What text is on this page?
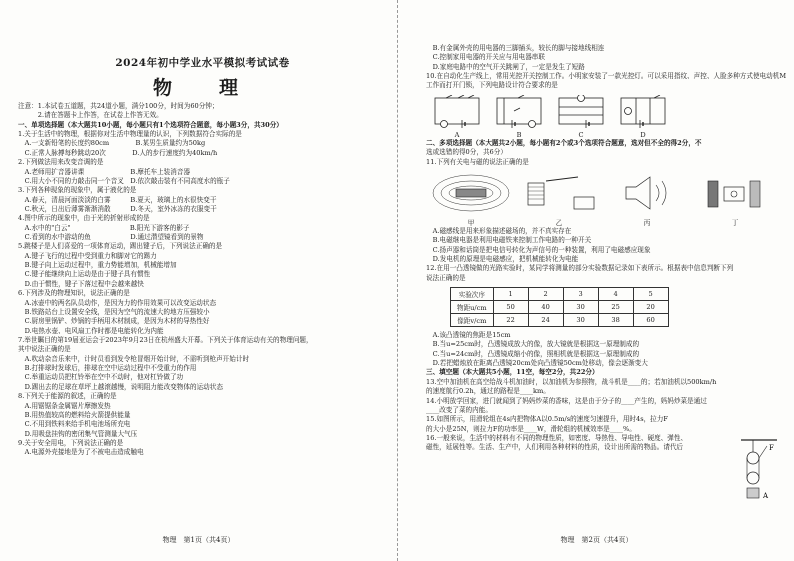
2024年初中学业水平模拟考试试卷
物　理
注意：1.本试卷五道题，共24道小题，满分100分，时间为60分钟；
　　　2.请在答题卡上作答，在试卷上作答无效。
一、单项选择题（本大题共10小题，每小题只有1个选项符合题意，每小题3分，共30分）
1.关于生活中的物理，根据你对生活中物理量的认识，下列数据符合实际的是
　A.一支新铅笔的长度约80cm　　　　B.某男生质量约为50kg
　C.正常人脉搏每秒跳动20次　　　　D.人的步行速度约为40km/h
2.下列做法用来改变音调的是
　A.老师用扩音器讲课　　　　　　　B.摩托车上装消音器
　C.用大小不同的力敲击同一个音叉　D.依次敲击装有不同高度水的瓶子
3.下列各种现象的现象中，属于液化的是
　A.春天，清晨河面淡淡的白雾　　　B.夏天，玻璃上的水很快变干
　C.秋天，日出后薄雾渐渐消散　　　D.冬天，室外冰冻的衣服变干
4.图中所示的现象中，由于光的折射形成的是
　A.水中的"白云"　　　　　　　　　B.阳光下游客的影子
　C.看到的水中游动的鱼　　　　　　D.通过潜望镜看到的景物
5.跳楼子是人们喜爱的一项体育运动，踢出键子后，下列说法正确的是
　A.键子飞行的过程中受到重力和脚对它的踢力
　B.键子向上运动过程中，重力势能增加，机械能增加
　C.键子能继续向上运动是由于键子具有惯性
　D.由于惯性，键子下落过程中会越来越快
6.下列涉及的物理知识，说法正确的是
　A.冰壶中的两名队员动作，是因为力的作用效果可以改变运动状态
　B.铁路站台上设置安全线，是因为空气的流速大的地方压强较小
　C.厨房里锅铲、炒锅的手柄用木材制成，是因为木材的导热性好
　D.电热水壶、电风扇工作时都是电能转化为内能
7.举世瞩目的第19届亚运会于2023年9月23日在杭州盛大开幕。下列关于体育运动有关的物理问题，
其中说法正确的是
　A.吹动杂音乐来中，计时员看到发令枪冒烟开始计时，不需听到枪声开始计时
　B.打排球时发球后，排球在空中运动过程中不受重力的作用
　C.举重运动员把杠铃举在空中不动时，他对杠铃做了功
　D.踢出去的足球在草坪上越滚越慢，说明阻力能改变物体的运动状态
8.下列关于能源的叙述，正确的是
　A.用锯锯条金属锯片摩擦发热
　B.用热值较高的燃料给火箭提供能量
　C.不用到铁料来给手机电池场所充电
　D.用吸盘挂钩的密闭集气管测量大气压
9.关于安全用电，下列说法正确的是
　A.电源外壳接地是为了不被电击造成触电
物理　第1页（共4页）
　B.有金属外壳的用电器的三脚插头，较长的脚与接地线相连
　C.控制家用电器的开关应与用电器串联
　D.家庭电路中的空气开关跳闸了，一定是发生了短路
10.在自动化生产线上，常用光控开关控制工作。小明家安装了一款光控灯。可以采用指纹、声控、人脸多种方式使电动机M
工作而打开门锁，下列电路设计符合要求的是
A	B	C	D
二、多项选择题（本大题共2小题，每小题有2个或3个选项符合题意，选对但不全的得2分，不
选或选错的得0分，共6分）
11.下列有关电与磁的说法正确的是
甲	乙	丙	丁
　A.磁感线是用来形象描述磁场的，并不真实存在
　B.电磁继电器是利用电磁铁来控制工作电路的一种开关
　C.扬声器和话筒是把电信号转化为声信号的一种装置，利用了电磁感应现象
　D.发电机的原理是电磁感应，把机械能转化为电能
12.在用一凸透镜做的光路实验时，某同学将测量的部分实验数据记录如下表所示。根据表中信息判断下列
说法正确的是
实验次序	1	2	3	4	5
物距u/cm	50	40	30	25	20
像距v/cm	22	24	30	38	60
　A.该凸透镜的焦距是15cm
　B.当u=25cm时，凸透镜成放大的像，放大镜就是根据这一原理制成的
　C.当u=24cm时，凸透镜成缩小的像，照相机就是根据这一原理制成的
　D.若把蜡烛放在距离凸透镜20cm处向凸透镜50cm处移动，像会逐渐变大
三、填空题（本大题共5小题，11空，每空2分，共22分）
13.空中加油机在高空给战斗机加油时，以加油机为参照物，战斗机是____的；若加油机以500km/h
的速度航行0.2h，通过的路程是____km。
14.小明放学回家，进门就闻到了妈妈炒菜的香味，这是由于分子的____产生的，妈妈炒菜是通过
____改变了菜的内能。
15.如图所示，用滑轮组在4s内把物体A以0.5m/s的速度匀速提升，用时4s，拉力F
的大小是25N，则拉力F的功率是____W，滑轮组的机械效率是____%。
16.一般来说，生活中的材料有不同的物理性质，如密度、导热性、导电性、硬度、弹性、
磁性，延展性等。生活、生产中，人们利用各种材料的性质，设计出所需的物品。请代后	F
A
物理　第2页（共4页）
